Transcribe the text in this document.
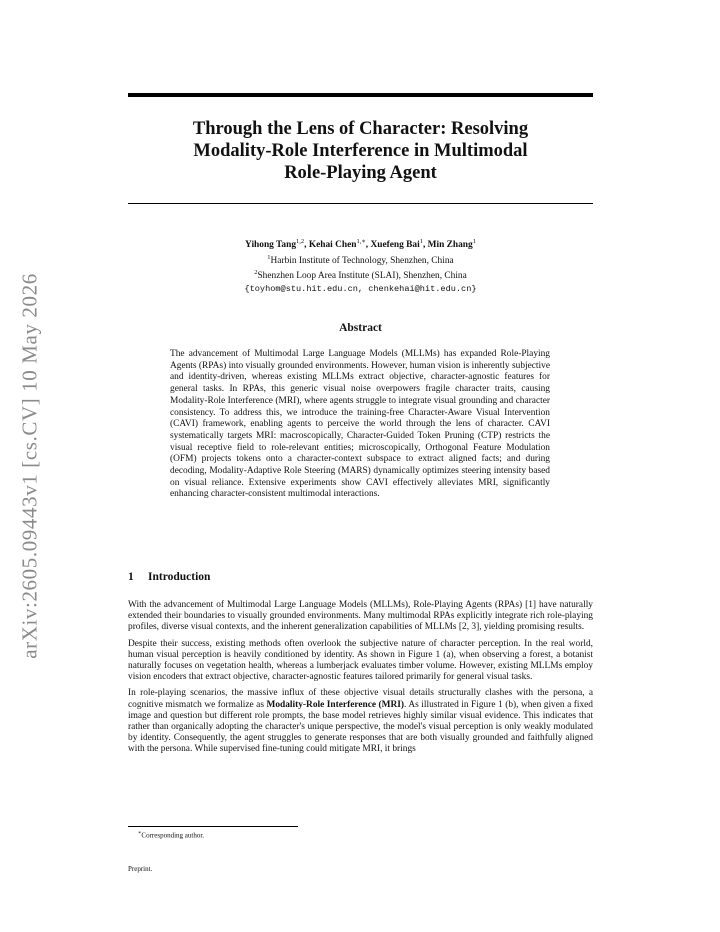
arXiv:2605.09443v1 [cs.CV] 10 May 2026
Through the Lens of Character: Resolving
Modality-Role Interference in Multimodal
Role-Playing Agent
Yihong Tang$^{1,2}$, Kehai Chen$^{1,∗}$, Xuefeng Bai$^1$, Min Zhang$^1$
$^1$Harbin Institute of Technology, Shenzhen, China
$^2$Shenzhen Loop Area Institute (SLAI), Shenzhen, China
{toyhom@stu.hit.edu.cn, chenkehai@hit.edu.cn}
Abstract
The advancement of Multimodal Large Language Models (MLLMs) has expanded Role-Playing Agents (RPAs) into visually grounded environments. However, human vision is inherently subjective and identity-driven, whereas existing MLLMs extract objective, character-agnostic features for general tasks. In RPAs, this generic visual noise overpowers fragile character traits, causing Modality-Role Interference (MRI), where agents struggle to integrate visual grounding and character consistency. To address this, we introduce the training-free Character-Aware Visual Intervention (CAVI) framework, enabling agents to perceive the world through the lens of character. CAVI systematically targets MRI: macroscopically, Character-Guided Token Pruning (CTP) restricts the visual receptive field to role-relevant entities; microscopically, Orthogonal Feature Modulation (OFM) projects tokens onto a character-context subspace to extract aligned facts; and during decoding, Modality-Adaptive Role Steering (MARS) dynamically optimizes steering intensity based on visual reliance. Extensive experiments show CAVI effectively alleviates MRI, significantly enhancing character-consistent multimodal interactions.
1 Introduction

With the advancement of Multimodal Large Language Models (MLLMs), Role-Playing Agents (RPAs) [1] have naturally extended their boundaries to visually grounded environments. Many multimodal RPAs explicitly integrate rich role-playing profiles, diverse visual contexts, and the inherent generalization capabilities of MLLMs [2, 3], yielding promising results.

Despite their success, existing methods often overlook the subjective nature of character perception. In the real world, human visual perception is heavily conditioned by identity. As shown in Figure 1 (a), when observing a forest, a botanist naturally focuses on vegetation health, whereas a lumberjack evaluates timber volume. However, existing MLLMs employ vision encoders that extract objective, character-agnostic features tailored primarily for general visual tasks.

In role-playing scenarios, the massive influx of these objective visual details structurally clashes with the persona, a cognitive mismatch we formalize as Modality-Role Interference (MRI). As illustrated in Figure 1 (b), when given a fixed image and question but different role prompts, the base model retrieves highly similar visual evidence. This indicates that rather than organically adopting the character's unique perspective, the model's visual perception is only weakly modulated by identity. Consequently, the agent struggles to generate responses that are both visually grounded and faithfully aligned with the persona. While supervised fine-tuning could mitigate MRI, it brings

∗Corresponding author.
Preprint.
